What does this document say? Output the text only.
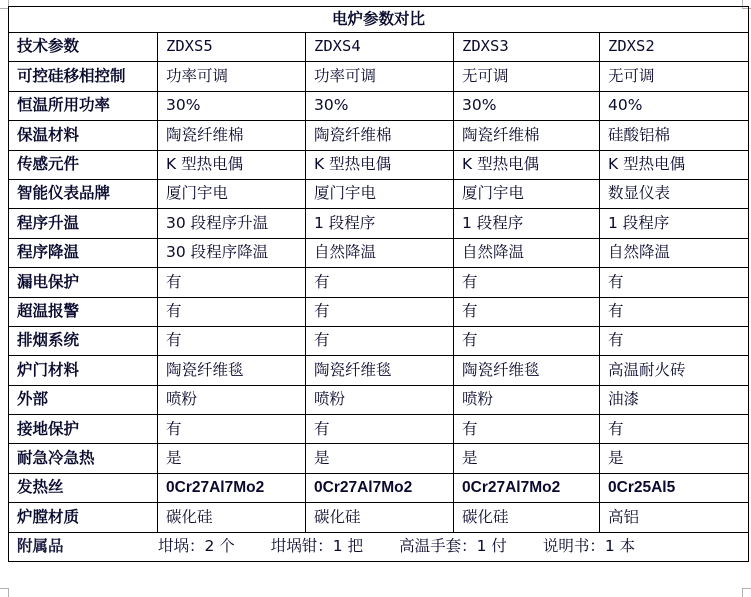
电炉参数对比				
技术参数	ZDXS5	ZDXS4	ZDXS3	ZDXS2
可控硅移相控制	功率可调	功率可调	无可调	无可调
恒温所用功率	30%	30%	30%	40%
保温材料	陶瓷纤维棉	陶瓷纤维棉	陶瓷纤维棉	硅酸铝棉
传感元件	K 型热电偶	K 型热电偶	K 型热电偶	K 型热电偶
智能仪表品牌	厦门宇电	厦门宇电	厦门宇电	数显仪表
程序升温	30 段程序升温	1 段程序	1 段程序	1 段程序
程序降温	30 段程序降温	自然降温	自然降温	自然降温
漏电保护	有	有	有	有
超温报警	有	有	有	有
排烟系统	有	有	有	有
炉门材料	陶瓷纤维毯	陶瓷纤维毯	陶瓷纤维毯	高温耐火砖
外部	喷粉	喷粉	喷粉	油漆
接地保护	有	有	有	有
耐急冷急热	是	是	是	是
发热丝	0Cr27Al7Mo2	0Cr27Al7Mo2	0Cr27Al7Mo2	0Cr25Al5
炉膛材质	碳化硅	碳化硅	碳化硅	高铝

附属品 坩埚：2 个 坩埚钳：1 把 高温手套：1 付 说明书：1 本				
